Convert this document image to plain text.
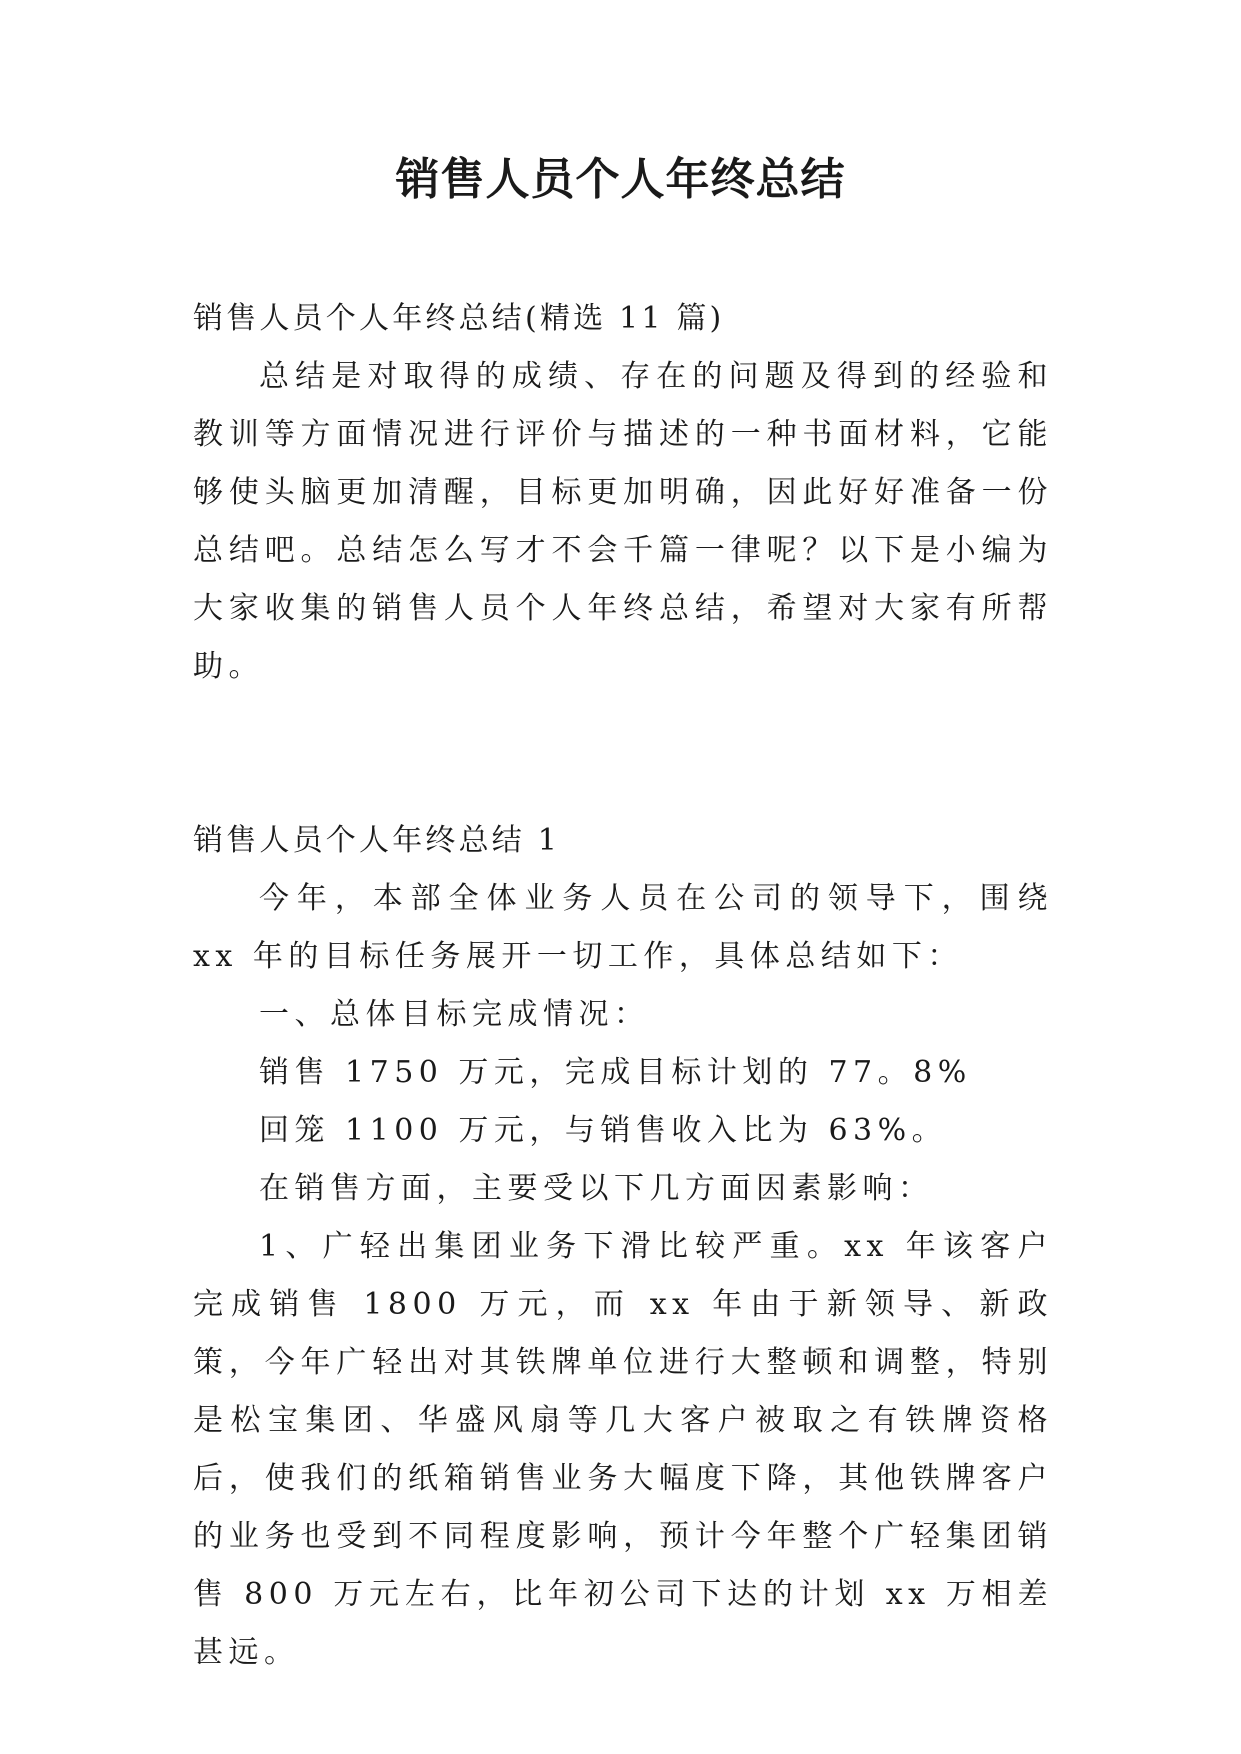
销售人员个人年终总结

销售人员个人年终总结(精选 11 篇)

总结是对取得的成绩、存在的问题及得到的经验和教训等方面情况进行评价与描述的一种书面材料，它能够使头脑更加清醒，目标更加明确，因此好好准备一份总结吧。总结怎么写才不会千篇一律呢？以下是小编为大家收集的销售人员个人年终总结，希望对大家有所帮助。

销售人员个人年终总结 1

今年，本部全体业务人员在公司的领导下，围绕 xx 年的目标任务展开一切工作，具体总结如下：

一、总体目标完成情况：

销售 1750 万元，完成目标计划的 77。8%

回笼 1100 万元，与销售收入比为 63%。

在销售方面，主要受以下几方面因素影响：

1、广轻出集团业务下滑比较严重。xx 年该客户完成销售 1800 万元，而 xx 年由于新领导、新政策，今年广轻出对其铁牌单位进行大整顿和调整，特别是松宝集团、华盛风扇等几大客户被取之有铁牌资格后，使我们的纸箱销售业务大幅度下降，其他铁牌客户的业务也受到不同程度影响，预计今年整个广轻集团销售 800 万元左右，比年初公司下达的计划 xx 万相差甚远。
